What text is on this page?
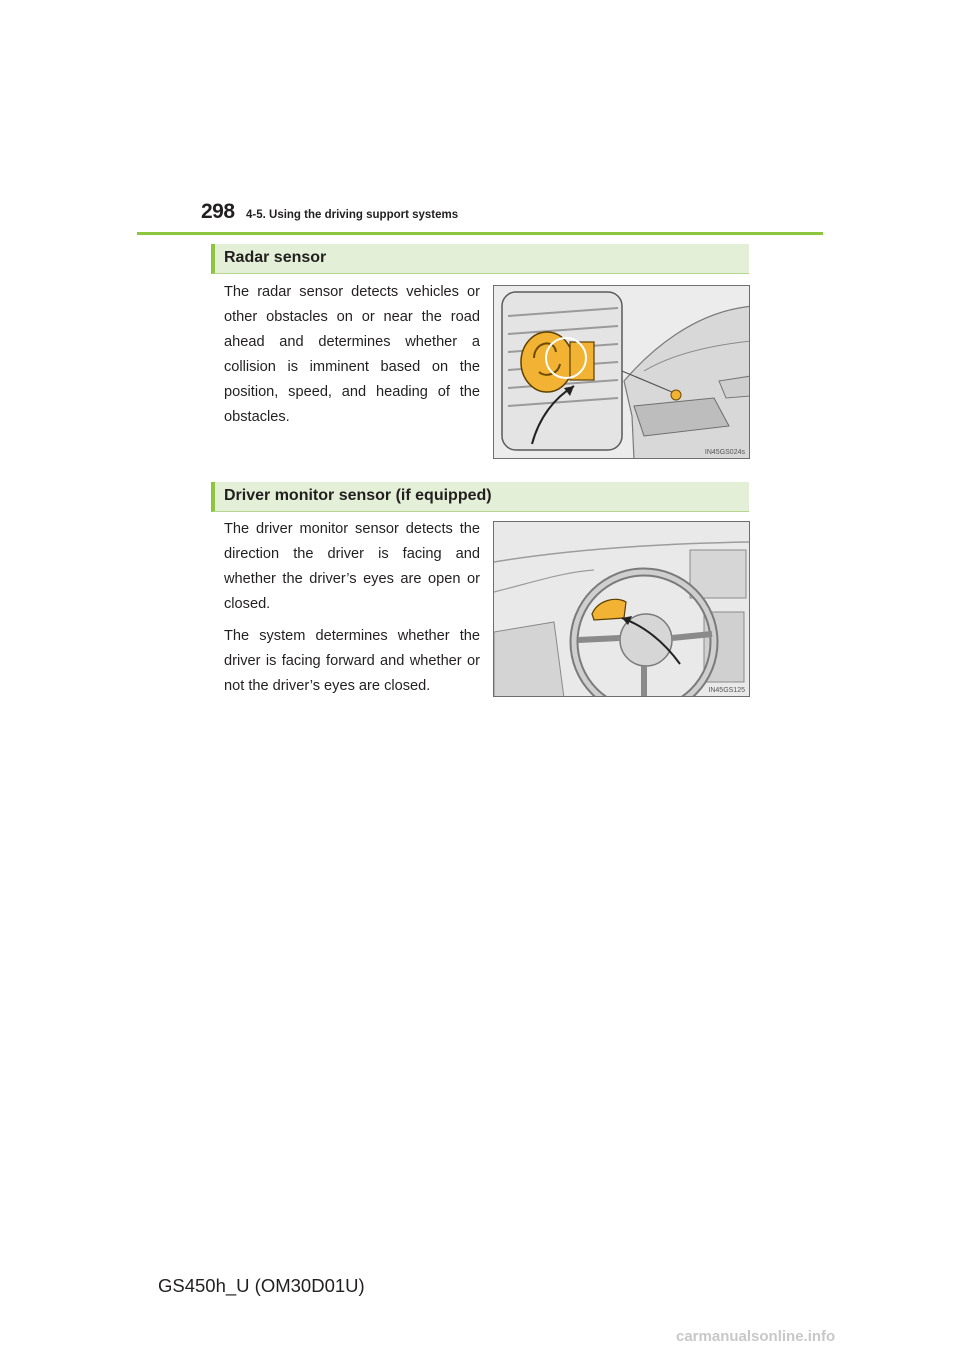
298 4-5. Using the driving support systems
Radar sensor
The radar sensor detects vehicles or other obstacles on or near the road ahead and determines whether a collision is imminent based on the position, speed, and heading of the obstacles.
IN45GS024s
Driver monitor sensor (if equipped)
The driver monitor sensor detects the direction the driver is facing and whether the driver’s eyes are open or closed.
The system determines whether the driver is facing forward and whether or not the driver’s eyes are closed.	IN45GS125
GS450h_U (OM30D01U)
carmanualsonline.info
